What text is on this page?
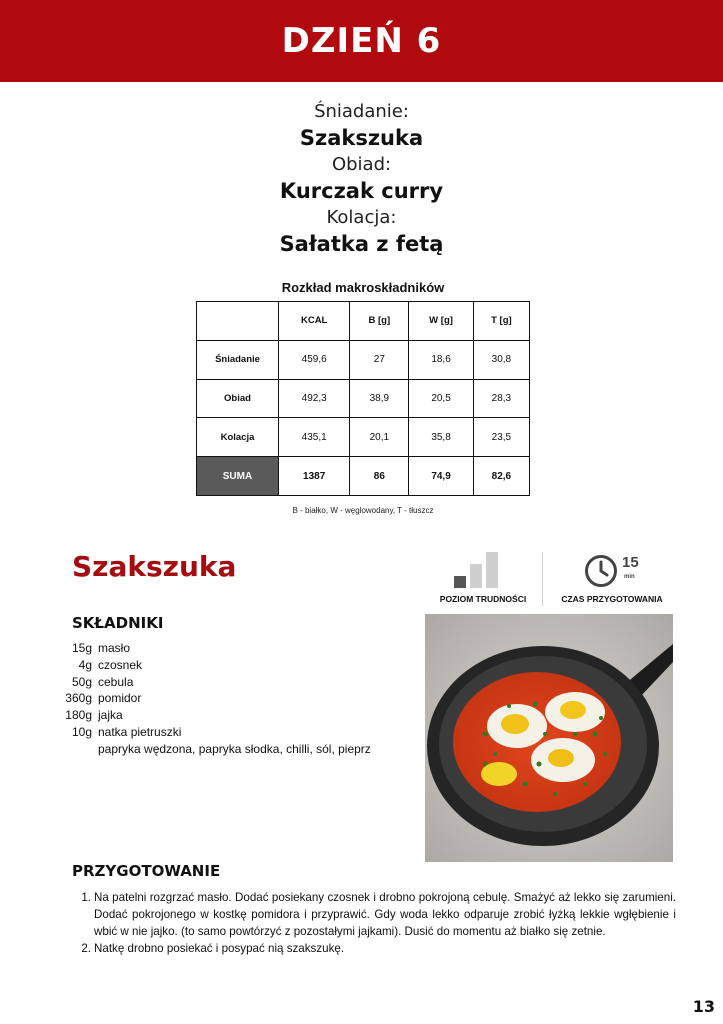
DZIEŃ 6
Śniadanie:
Szakszuka
Obiad:
Kurczak curry
Kolacja:
Sałatka z fetą
Rozkład makroskładników
	KCAL	B [g]	W [g]	T [g]
Śniadanie	459,6	27	18,6	30,8
Obiad	492,3	38,9	20,5	28,3
Kolacja	435,1	20,1	35,8	23,5
SUMA	1387	86	74,9	82,6
B - białko, W - węglowodany, T - tłuszcz
Szakszuka
POZIOM TRUDNOŚCI
15
min
CZAS PRZYGOTOWANIA
SKŁADNIKI
15g masło
4g czosnek
50g cebula
360g pomidor
180g jajka
10g natka pietruszki
papryka wędzona, papryka słodka, chilli, sól, pieprz
PRZYGOTOWANIE
1. Na patelni rozgrzać masło. Dodać posiekany czosnek i drobno pokrojoną cebulę. Smażyć aż lekko się zarumieni. Dodać pokrojonego w kostkę pomidora i przyprawić. Gdy woda lekko odparuje zrobić łyżką lekkie wgłębienie i wbić w nie jajko. (to samo powtórzyć z pozostałymi jajkami). Dusić do momentu aż białko się zetnie.
2. Natkę drobno posiekać i posypać nią szakszukę.
13
